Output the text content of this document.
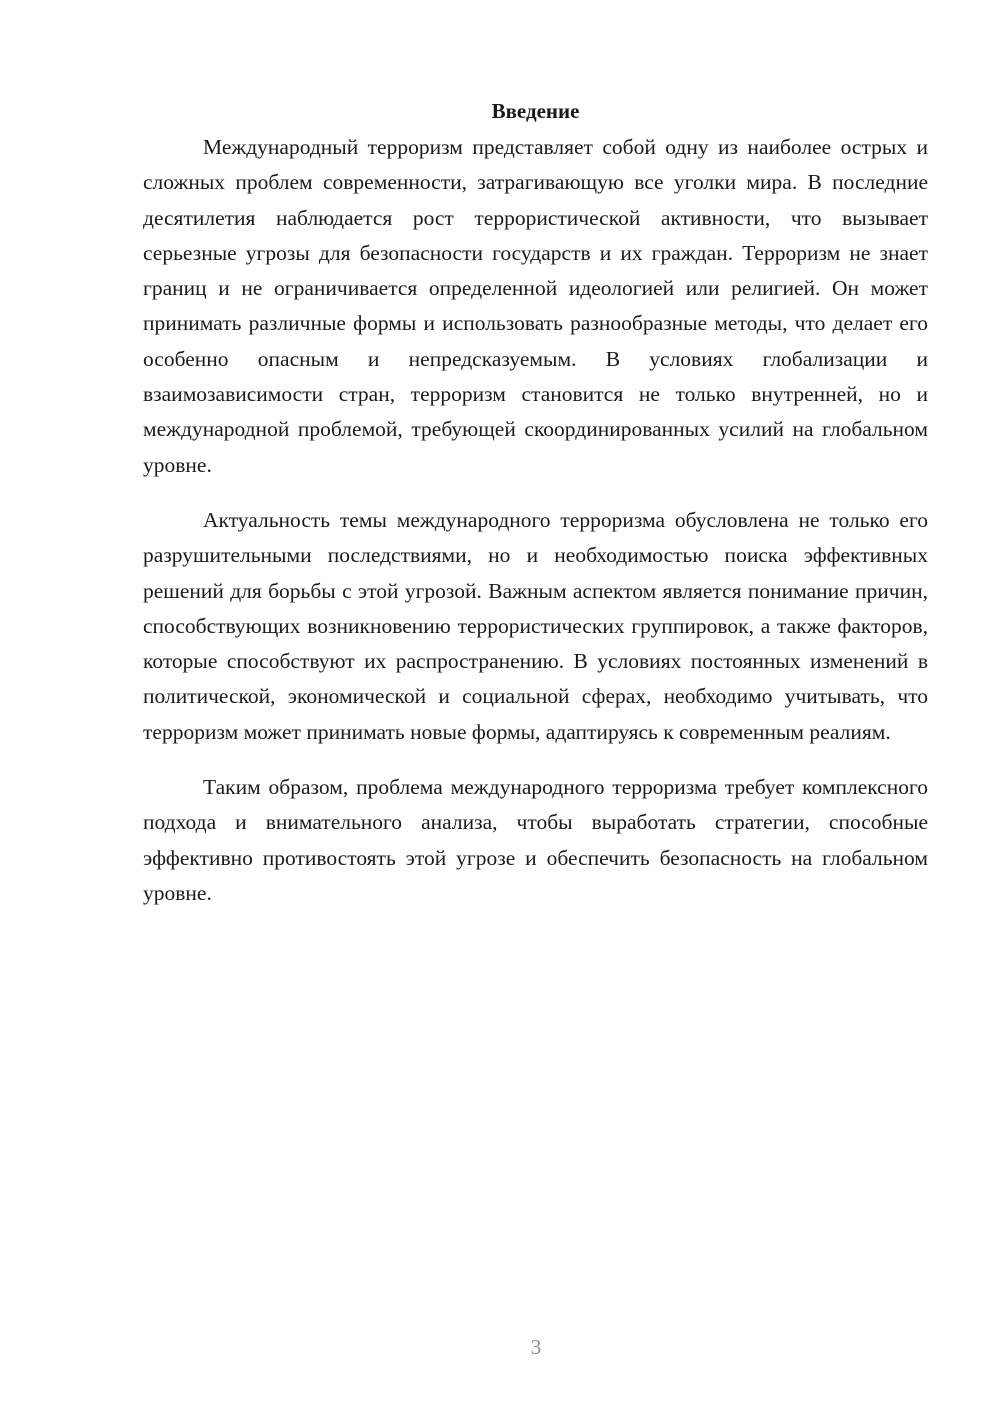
Введение

Международный терроризм представляет собой одну из наиболее острых и сложных проблем современности, затрагивающую все уголки мира. В последние десятилетия наблюдается рост террористической активности, что вызывает серьезные угрозы для безопасности государств и их граждан. Терроризм не знает границ и не ограничивается определенной идеологией или религией. Он может принимать различные формы и использовать разнообразные методы, что делает его особенно опасным и непредсказуемым. В условиях глобализации и взаимозависимости стран, терроризм становится не только внутренней, но и международной проблемой, требующей скоординированных усилий на глобальном уровне.

Актуальность темы международного терроризма обусловлена не только его разрушительными последствиями, но и необходимостью поиска эффективных решений для борьбы с этой угрозой. Важным аспектом является понимание причин, способствующих возникновению террористических группировок, а также факторов, которые способствуют их распространению. В условиях постоянных изменений в политической, экономической и социальной сферах, необходимо учитывать, что терроризм может принимать новые формы, адаптируясь к современным реалиям.

Таким образом, проблема международного терроризма требует комплексного подхода и внимательного анализа, чтобы выработать стратегии, способные эффективно противостоять этой угрозе и обеспечить безопасность на глобальном уровне.

3
